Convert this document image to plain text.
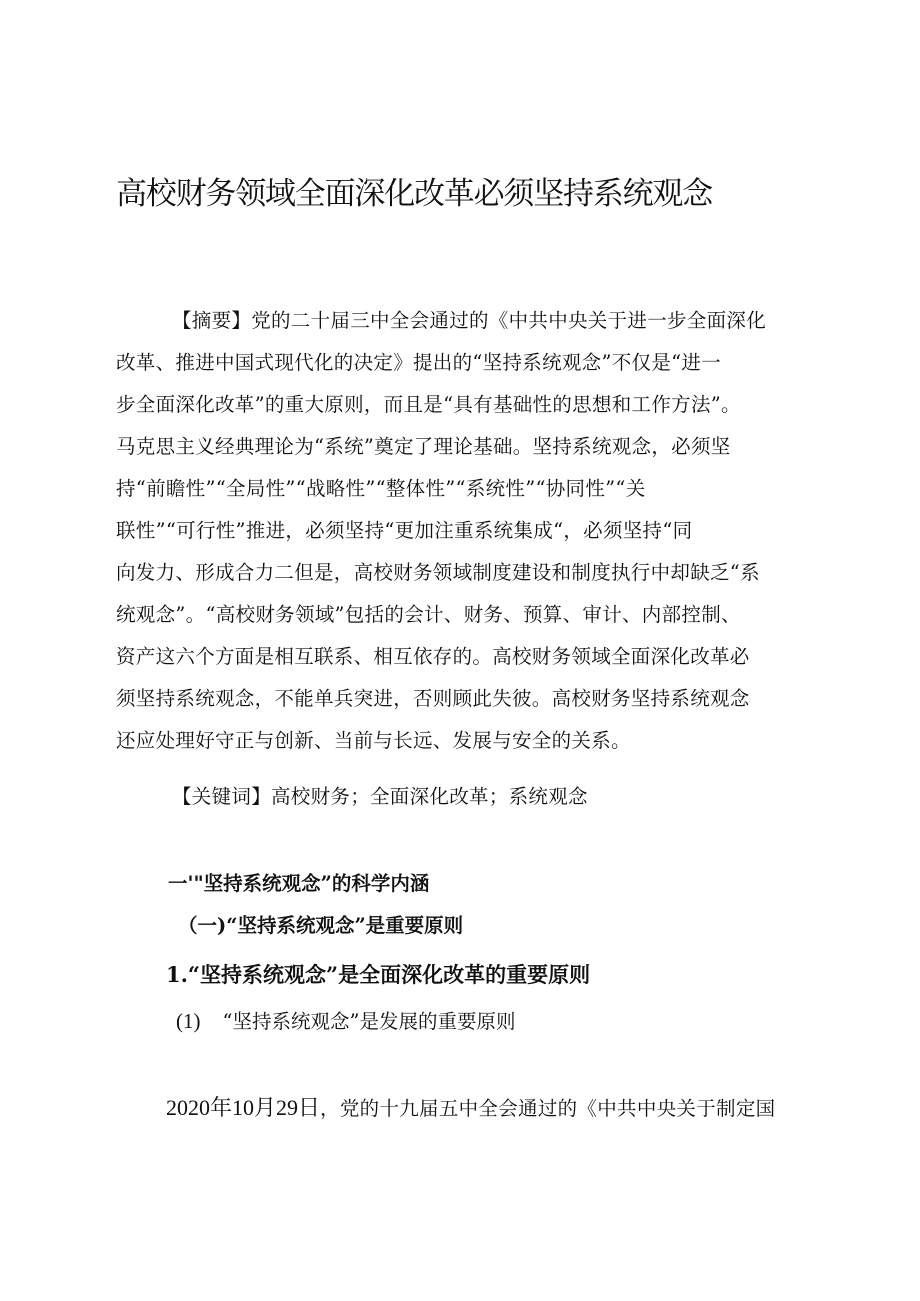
高校财务领域全面深化改革必须坚持系统观念
【摘要】党的二十届三中全会通过的《中共中央关于进一步全面深化
改革、推进中国式现代化的决定》提出的“坚持系统观念”不仅是“进一
步全面深化改革”的重大原则，而且是“具有基础性的思想和工作方法”。
马克思主义经典理论为“系统”奠定了理论基础。坚持系统观念，必须坚
持“前瞻性”“全局性”“战略性”“整体性”“系统性”“协同性”“关
联性”“可行性”推进，必须坚持“更加注重系统集成“，必须坚持“同
向发力、形成合力二但是，高校财务领域制度建设和制度执行中却缺乏“系
统观念”。“高校财务领域”包括的会计、财务、预算、审计、内部控制、
资产这六个方面是相互联系、相互依存的。高校财务领域全面深化改革必
须坚持系统观念，不能单兵突进，否则顾此失彼。高校财务坚持系统观念
还应处理好守正与创新、当前与长远、发展与安全的关系。
【关键词】高校财务；全面深化改革；系统观念
一'"坚持系统观念”的科学内涵
（一)“坚持系统观念”是重要原则
1.“坚持系统观念”是全面深化改革的重要原则
(1) “坚持系统观念”是发展的重要原则
2020年10月29日，党的十九届五中全会通过的《中共中央关于制定国
